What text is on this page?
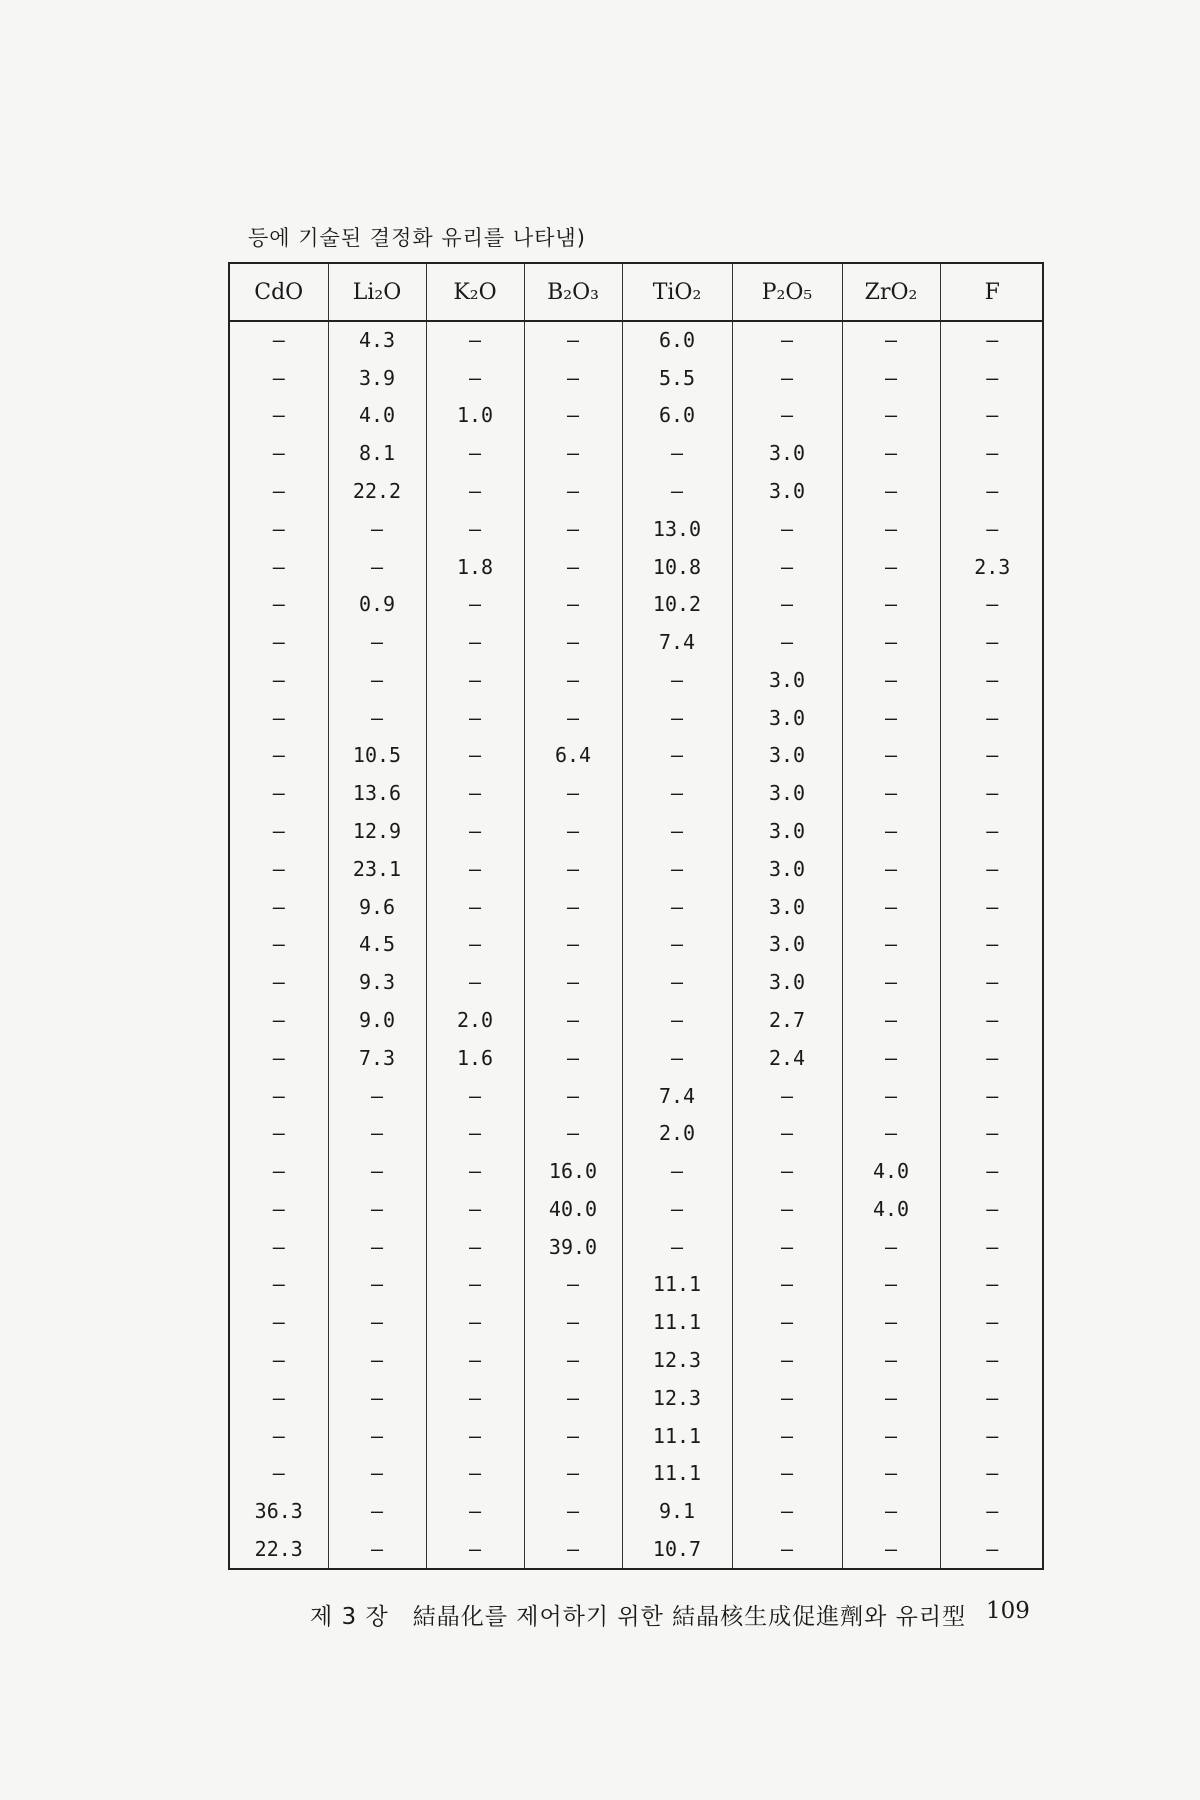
등에 기술된 결정화 유리를 나타냄)
CdO	Li₂O	K₂O	B₂O₃	TiO₂	P₂O₅	ZrO₂	F
—	4.3	—	—	6.0	—	—	—
—	3.9	—	—	5.5	—	—	—
—	4.0	1.0	—	6.0	—	—	—
—	8.1	—	—	—	3.0	—	—
—	22.2	—	—	—	3.0	—	—
—	—	—	—	13.0	—	—	—
—	—	1.8	—	10.8	—	—	2.3
—	0.9	—	—	10.2	—	—	—
—	—	—	—	7.4	—	—	—
—	—	—	—	—	3.0	—	—
—	—	—	—	—	3.0	—	—
—	10.5	—	6.4	—	3.0	—	—
—	13.6	—	—	—	3.0	—	—
—	12.9	—	—	—	3.0	—	—
—	23.1	—	—	—	3.0	—	—
—	9.6	—	—	—	3.0	—	—
—	4.5	—	—	—	3.0	—	—
—	9.3	—	—	—	3.0	—	—
—	9.0	2.0	—	—	2.7	—	—
—	7.3	1.6	—	—	2.4	—	—
—	—	—	—	7.4	—	—	—
—	—	—	—	2.0	—	—	—
—	—	—	16.0	—	—	4.0	—
—	—	—	40.0	—	—	4.0	—
—	—	—	39.0	—	—	—	—
—	—	—	—	11.1	—	—	—
—	—	—	—	11.1	—	—	—
—	—	—	—	12.3	—	—	—
—	—	—	—	12.3	—	—	—
—	—	—	—	11.1	—	—	—
—	—	—	—	11.1	—	—	—
36.3	—	—	—	9.1	—	—	—
22.3	—	—	—	10.7	—	—	—
제 3 장　結晶化를 제어하기 위한 結晶核生成促進劑와 유리型 109
